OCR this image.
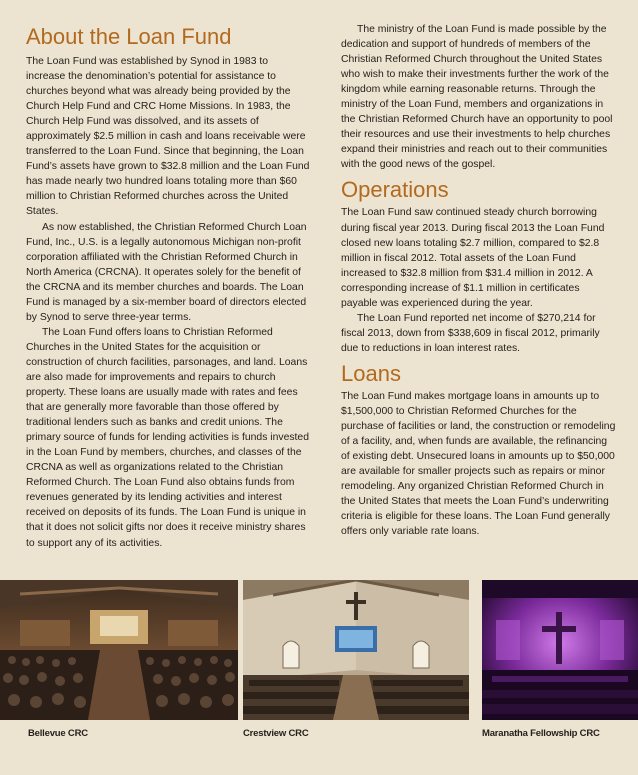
About the Loan Fund

The Loan Fund was established by Synod in 1983 to increase the denomination’s potential for assistance to churches beyond what was already being provided by the Church Help Fund and CRC Home Missions. In 1983, the Church Help Fund was dissolved, and its assets of approximately $2.5 million in cash and loans receivable were transferred to the Loan Fund. Since that beginning, the Loan Fund’s assets have grown to $32.8 million and the Loan Fund has made nearly two hundred loans totaling more than $60 million to Christian Reformed churches across the United States.

As now established, the Christian Reformed Church Loan Fund, Inc., U.S. is a legally autonomous Michigan non-profit corporation affiliated with the Christian Reformed Church in North America (CRCNA). It operates solely for the benefit of the CRCNA and its member churches and boards. The Loan Fund is managed by a six-member board of directors elected by Synod to serve three-year terms.

The Loan Fund offers loans to Christian Reformed Churches in the United States for the acquisition or construction of church facilities, parsonages, and land. Loans are also made for improvements and repairs to church property. These loans are usually made with rates and fees that are generally more favorable than those offered by traditional lenders such as banks and credit unions. The primary source of funds for lending activities is funds invested in the Loan Fund by members, churches, and classes of the CRCNA as well as organizations related to the Christian Reformed Church. The Loan Fund also obtains funds from revenues generated by its lending activities and interest received on deposits of its funds. The Loan Fund is unique in that it does not solicit gifts nor does it receive ministry shares to support any of its activities.

The ministry of the Loan Fund is made possible by the dedication and support of hundreds of members of the Christian Reformed Church throughout the United States who wish to make their investments further the work of the kingdom while earning reasonable returns. Through the ministry of the Loan Fund, members and organizations in the Christian Reformed Church have an opportunity to pool their resources and use their investments to help churches expand their ministries and reach out to their communities with the good news of the gospel.

Operations

The Loan Fund saw continued steady church borrowing during fiscal year 2013. During fiscal 2013 the Loan Fund closed new loans totaling $2.7 million, compared to $2.8 million in fiscal 2012. Total assets of the Loan Fund increased to $32.8 million from $31.4 million in 2012. A corresponding increase of $1.1 million in certificates payable was experienced during the year.

The Loan Fund reported net income of $270,214 for fiscal 2013, down from $338,609 in fiscal 2012, primarily due to reductions in loan interest rates.

Loans

The Loan Fund makes mortgage loans in amounts up to $1,500,000 to Christian Reformed Churches for the purchase of facilities or land, the construction or remodeling of a facility, and, when funds are available, the refinancing of existing debt. Unsecured loans in amounts up to $50,000 are available for smaller projects such as repairs or minor remodeling. Any organized Christian Reformed Church in the United States that meets the Loan Fund’s underwriting criteria is eligible for these loans. The Loan Fund generally offers only variable rate loans.

Bellevue CRC	Crestview CRC	Maranatha Fellowship CRC
